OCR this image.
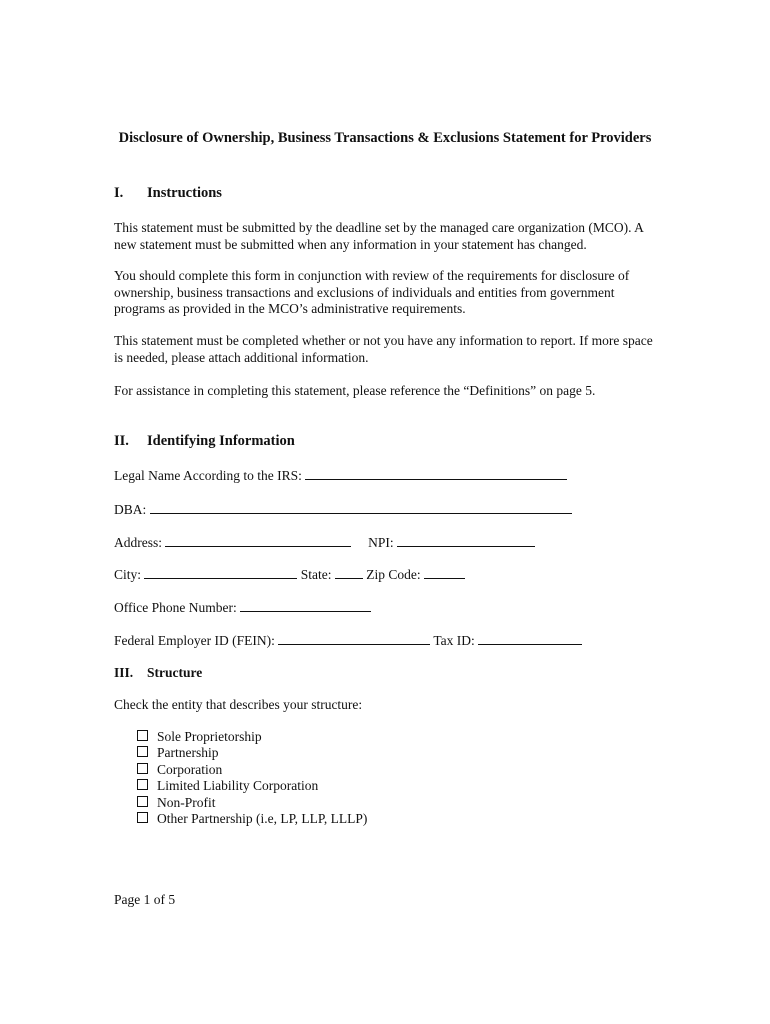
Disclosure of Ownership, Business Transactions & Exclusions Statement for Providers
I. Instructions
This statement must be submitted by the deadline set by the managed care organization (MCO). A new statement must be submitted when any information in your statement has changed.
You should complete this form in conjunction with review of the requirements for disclosure of ownership, business transactions and exclusions of individuals and entities from government programs as provided in the MCO’s administrative requirements.
This statement must be completed whether or not you have any information to report. If more space is needed, please attach additional information.
For assistance in completing this statement, please reference the “Definitions” on page 5.
II. Identifying Information
Legal Name According to the IRS:
DBA:
Address:	NPI:
City:	State:	Zip Code:
Office Phone Number:
Federal Employer ID (FEIN):	Tax ID:
III. Structure
Check the entity that describes your structure:
Sole Proprietorship
Partnership
Corporation
Limited Liability Corporation
Non-Profit
Other Partnership (i.e, LP, LLP, LLLP)
Page 1 of 5
